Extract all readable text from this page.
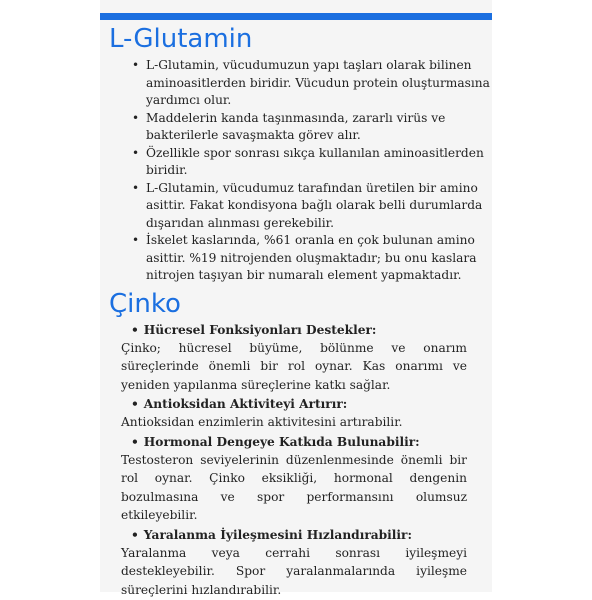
L-Glutamin
• L-Glutamin, vücudumuzun yapı taşları olarak bilinen aminoasitlerden biridir. Vücudun protein oluşturmasına yardımcı olur.
• Maddelerin kanda taşınmasında, zararlı virüs ve bakterilerle savaşmakta görev alır.
• Özellikle spor sonrası sıkça kullanılan aminoasitlerden biridir.
• L-Glutamin, vücudumuz tarafından üretilen bir amino asittir. Fakat kondisyona bağlı olarak belli durumlarda dışarıdan alınması gerekebilir.
• İskelet kaslarında, %61 oranla en çok bulunan amino asittir. %19 nitrojenden oluşmaktadır; bu onu kaslara nitrojen taşıyan bir numaralı element yapmaktadır.
Çinko
• Hücresel Fonksiyonları Destekler:

Çinko; hücresel büyüme, bölünme ve onarım süreçlerinde önemli bir rol oynar. Kas onarımı ve yeniden yapılanma süreçlerine katkı sağlar.

• Antioksidan Aktiviteyi Artırır:

Antioksidan enzimlerin aktivitesini artırabilir.

• Hormonal Dengeye Katkıda Bulunabilir:

Testosteron seviyelerinin düzenlenmesinde önemli bir rol oynar. Çinko eksikliği, hormonal dengenin bozulmasına ve spor performansını olumsuz etkileyebilir.

• Yaralanma İyileşmesini Hızlandırabilir:

Yaralanma veya cerrahi sonrası iyileşmeyi destekleyebilir. Spor yaralanmalarında iyileşme süreçlerini hızlandırabilir.
